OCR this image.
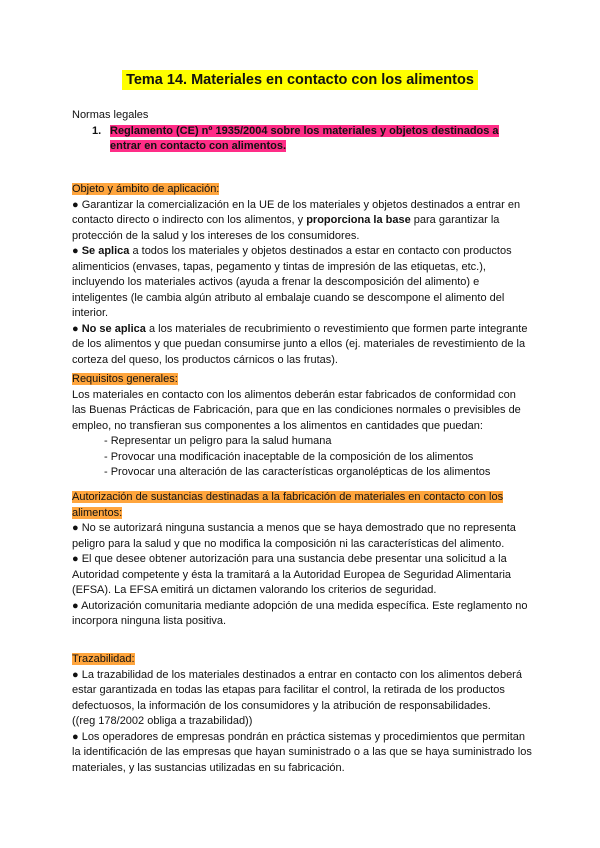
Tema 14. Materiales en contacto con los alimentos
Normas legales
1. Reglamento (CE) nº 1935/2004 sobre los materiales y objetos destinados a
entrar en contacto con alimentos.

Objeto y ámbito de aplicación:

● Garantizar la comercialización en la UE de los materiales y objetos destinados a entrar en contacto directo o indirecto con los alimentos, y proporciona la base para garantizar la protección de la salud y los intereses de los consumidores.

● Se aplica a todos los materiales y objetos destinados a estar en contacto con productos alimenticios (envases, tapas, pegamento y tintas de impresión de las etiquetas, etc.), incluyendo los materiales activos (ayuda a frenar la descomposición del alimento) e inteligentes (le cambia algún atributo al embalaje cuando se descompone el alimento del interior.

● No se aplica a los materiales de recubrimiento o revestimiento que formen parte integrante de los alimentos y que puedan consumirse junto a ellos (ej. materiales de revestimiento de la corteza del queso, los productos cárnicos o las frutas).

Requisitos generales:

Los materiales en contacto con los alimentos deberán estar fabricados de conformidad con las Buenas Prácticas de Fabricación, para que en las condiciones normales o previsibles de empleo, no transfieran sus componentes a los alimentos en cantidades que puedan:

- Representar un peligro para la salud humana

- Provocar una modificación inaceptable de la composición de los alimentos

- Provocar una alteración de las características organolépticas de los alimentos

Autorización de sustancias destinadas a la fabricación de materiales en contacto con los alimentos:

● No se autorizará ninguna sustancia a menos que se haya demostrado que no representa peligro para la salud y que no modifica la composición ni las características del alimento.

● El que desee obtener autorización para una sustancia debe presentar una solicitud a la Autoridad competente y ésta la tramitará a la Autoridad Europea de Seguridad Alimentaria (EFSA). La EFSA emitirá un dictamen valorando los criterios de seguridad.

● Autorización comunitaria mediante adopción de una medida específica. Este reglamento no incorpora ninguna lista positiva.

Trazabilidad:

● La trazabilidad de los materiales destinados a entrar en contacto con los alimentos deberá estar garantizada en todas las etapas para facilitar el control, la retirada de los productos defectuosos, la información de los consumidores y la atribución de responsabilidades.

((reg 178/2002 obliga a trazabilidad))

● Los operadores de empresas pondrán en práctica sistemas y procedimientos que permitan la identificación de las empresas que hayan suministrado o a las que se haya suministrado los materiales, y las sustancias utilizadas en su fabricación.
